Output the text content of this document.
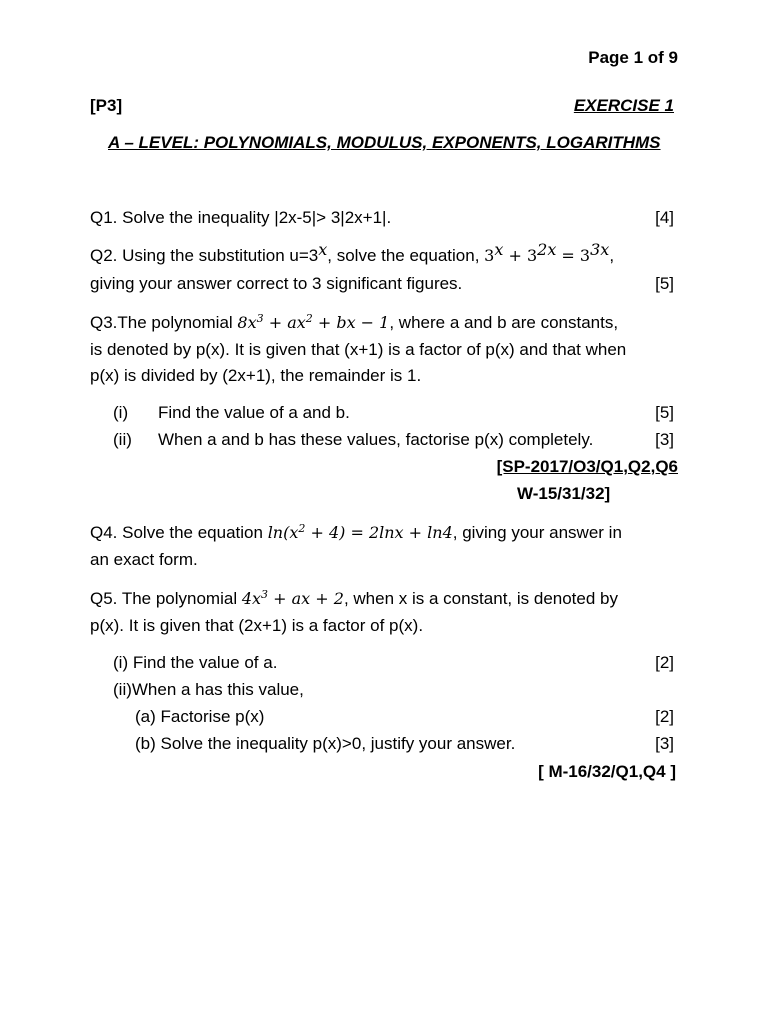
Page 1 of 9
[P3]	EXERCISE 1
A – LEVEL: POLYNOMIALS, MODULUS, EXPONENTS, LOGARITHMS
Q1. Solve the inequality |2x-5|> 3|2x+1|.	[4]
Q2. Using the substitution $u=3^x$, solve the equation, $3^x + 3^{2x} = 3^{3x}$,
giving your answer correct to 3 significant figures.	[5]
Q3.The polynomial $8x^3 + ax^2$ + bx − 1, where a and b are constants,
is denoted by p(x). It is given that (x+1) is a factor of p(x) and that when
p(x) is divided by (2x+1), the remainder is 1.
(i) Find the value of a and b.	[5]
(ii) When a and b has these values, factorise p(x) completely.	[3]
[SP-2017/O3/Q1,Q2,Q6
W-15/31/32]
Q4. Solve the equation $\ln(x^2 + 4) = 2\ln x + \ln 4$, giving your answer in
an exact form.
Q5. The polynomial $4x^3$ + ax + 2, when x is a constant, is denoted by
p(x). It is given that (2x+1) is a factor of p(x).
(i) Find the value of a.	[2]
(ii)When a has this value,
(a) Factorise p(x)	[2]
(b) Solve the inequality p(x)>0, justify your answer.	[3]
[ M-16/32/Q1,Q4 ]
